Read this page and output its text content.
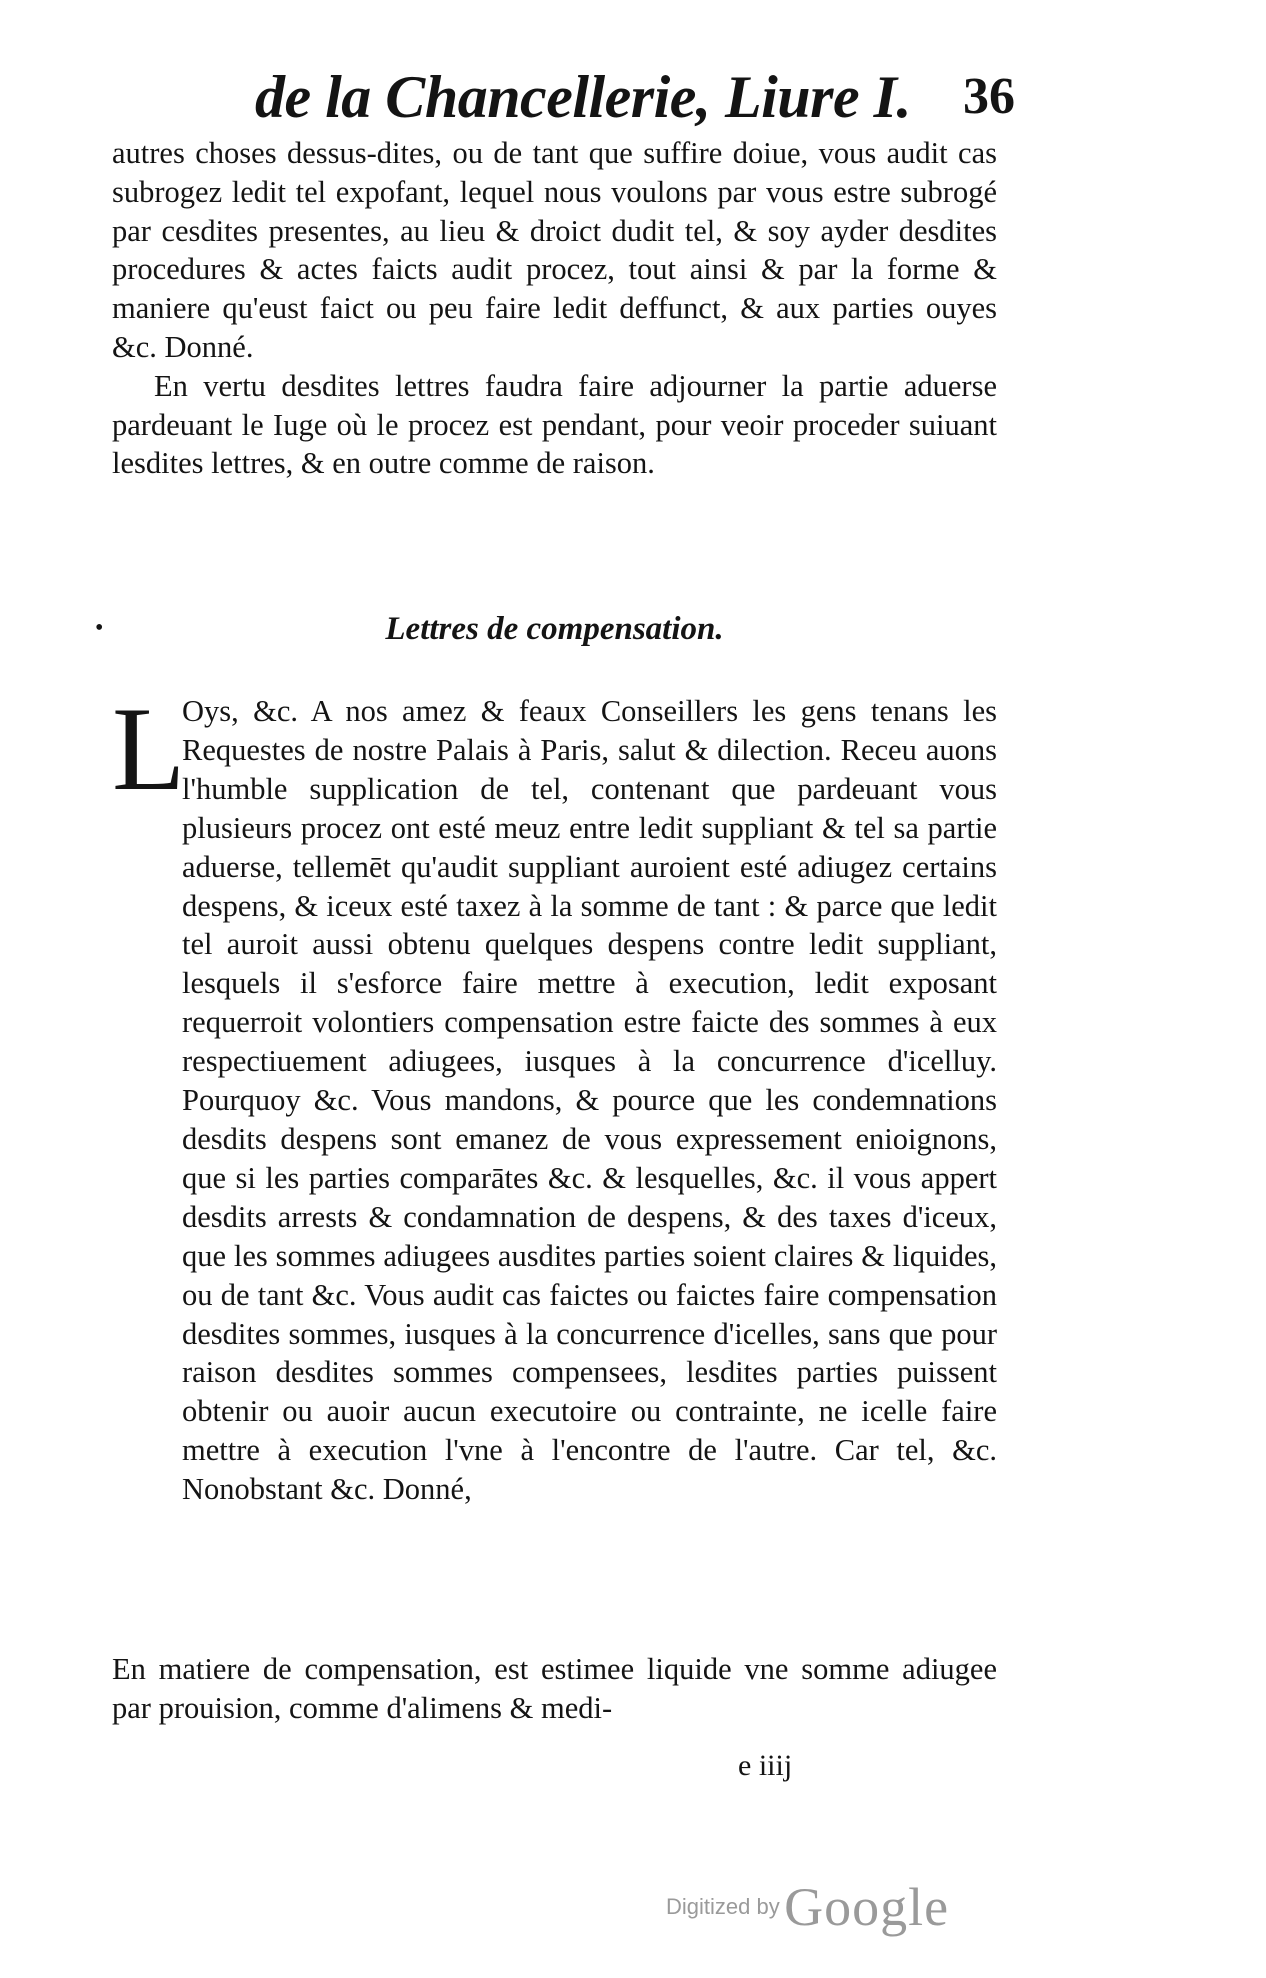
de la Chancellerie, Liure I. 36
autres choses dessus-dites, ou de tant que suffire doiue, vous audit cas subrogez ledit tel expofant, lequel nous voulons par vous estre subrogé par cesdites presentes, au lieu & droict dudit tel, & soy ayder desdites procedures & actes faicts audit procez, tout ainsi & par la forme & maniere qu'eust faict ou peu faire ledit deffunct, & aux parties ouyes &c. Donné.
En vertu desdites lettres faudra faire adjourner la partie aduerse pardeuant le Iuge où le procez est pendant, pour veoir proceder suiuant lesdites lettres, & en outre comme de raison.
•	Lettres de compensation.
L
Oys, &c. A nos amez & feaux Conseillers les gens tenans les Requestes de nostre Palais à Paris, salut & dilection. Receu auons l'humble supplication de tel, contenant que pardeuant vous plusieurs procez ont esté meuz entre ledit suppliant & tel sa partie aduerse, tellemēt qu'audit suppliant auroient esté adiugez certains despens, & iceux esté taxez à la somme de tant : & parce que ledit tel auroit aussi obtenu quelques despens contre ledit suppliant, lesquels il s'esforce faire mettre à execution, ledit exposant requerroit volontiers compensation estre faicte des sommes à eux respectiuement adiugees, iusques à la concurrence d'icelluy. Pourquoy &c. Vous mandons, & pource que les condemnations desdits despens sont emanez de vous expressement enioignons, que si les parties comparātes &c. & lesquelles, &c. il vous appert desdits arrests & condamnation de despens, & des taxes d'iceux, que les sommes adiugees ausdites parties soient claires & liquides, ou de tant &c. Vous audit cas faictes ou faictes faire compensation desdites sommes, iusques à la concurrence d'icelles, sans que pour raison desdites sommes compensees, lesdites parties puissent obtenir ou auoir aucun executoire ou contrainte, ne icelle faire mettre à execution l'vne à l'encontre de l'autre. Car tel, &c. Nonobstant &c. Donné,
En matiere de compensation, est estimee liquide vne somme adiugee par prouision, comme d'alimens & medi-
e iiij
Digitized by Google
